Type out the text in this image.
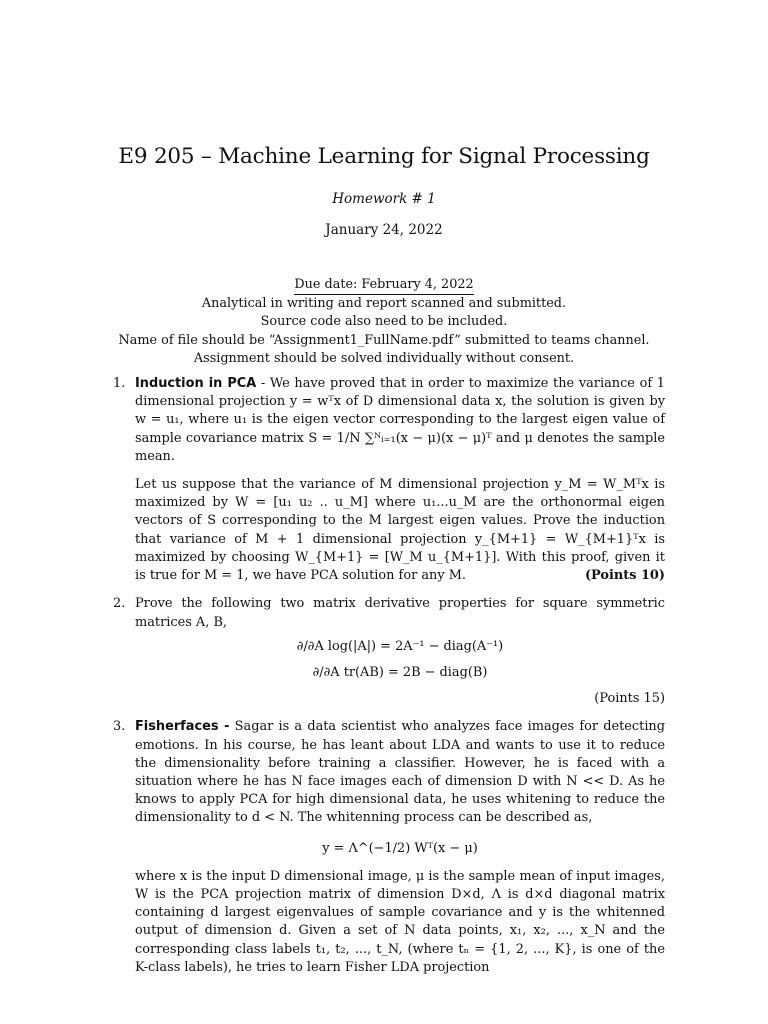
E9 205 – Machine Learning for Signal Processing
Homework # 1
January 24, 2022
Due date: February 4, 2022
Analytical in writing and report scanned and submitted.
Source code also need to be included.
Name of file should be “Assignment1_FullName.pdf” submitted to teams channel.
Assignment should be solved individually without consent.
1. Induction in PCA - We have proved that in order to maximize the variance of 1 dimensional projection y = wᵀx of D dimensional data x, the solution is given by w = u₁, where u₁ is the eigen vector corresponding to the largest eigen value of sample covariance matrix S = 1/N ∑ᴺᵢ₌₁(x − μ)(x − μ)ᵀ and μ denotes the sample mean.

Let us suppose that the variance of M dimensional projection y_M = W_Mᵀx is maximized by W = [u₁ u₂ .. u_M] where u₁...u_M are the orthonormal eigen vectors of S corresponding to the M largest eigen values. Prove the induction that variance of M + 1 dimensional projection y_{M+1} = W_{M+1}ᵀx is maximized by choosing W_{M+1} = [W_M u_{M+1}]. With this proof, given it is true for M = 1, we have PCA solution for any M.	(Points 10)
2. Prove the following two matrix derivative properties for square symmetric matrices A, B,

∂/∂A log(|A|) = 2A⁻¹ − diag(A⁻¹)
∂/∂A tr(AB) = 2B − diag(B)
(Points 15)
3. Fisherfaces - Sagar is a data scientist who analyzes face images for detecting emotions. In his course, he has leant about LDA and wants to use it to reduce the dimensionality before training a classifier. However, he is faced with a situation where he has N face images each of dimension D with N << D. As he knows to apply PCA for high dimensional data, he uses whitening to reduce the dimensionality to d < N. The whitenning process can be described as,

y = Λ^(−1/2) Wᵀ(x − μ)

where x is the input D dimensional image, μ is the sample mean of input images, W is the PCA projection matrix of dimension D×d, Λ is d×d diagonal matrix containing d largest eigenvalues of sample covariance and y is the whitenned output of dimension d. Given a set of N data points, x₁, x₂, ..., x_N and the corresponding class labels t₁, t₂, ..., t_N, (where tₙ = {1, 2, ..., K}, is one of the K-class labels), he tries to learn Fisher LDA projection
